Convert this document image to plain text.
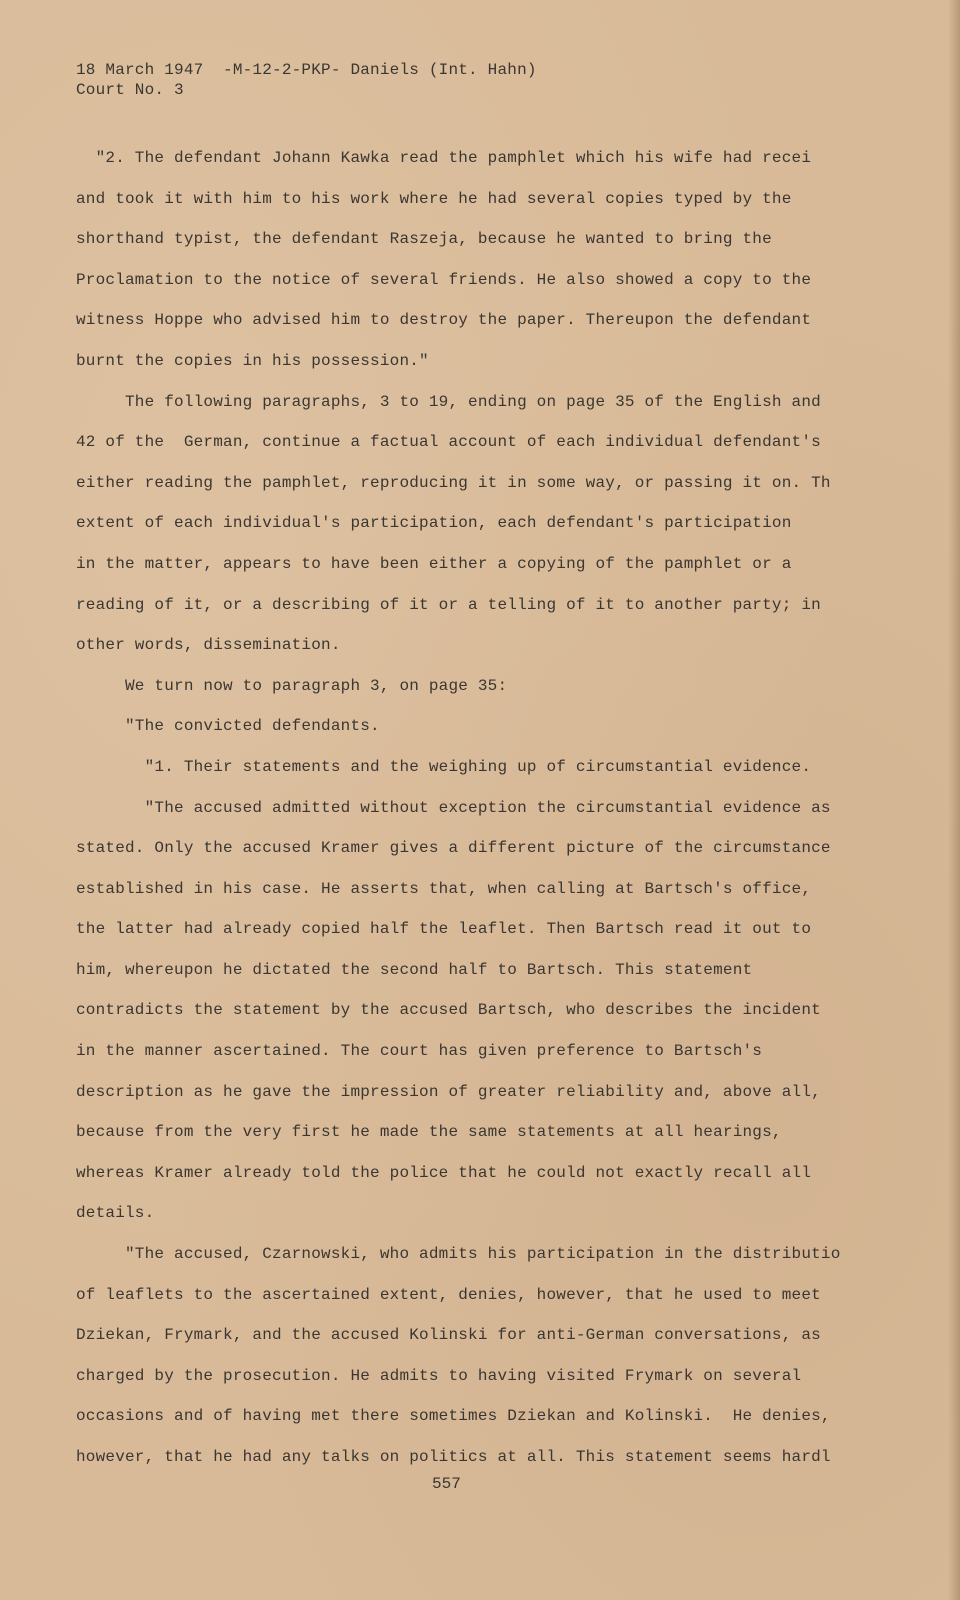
18 March 1947  -M-12-2-PKP- Daniels (Int. Hahn)
Court No. 3
"2. The defendant Johann Kawka read the pamphlet which his wife had recei
and took it with him to his work where he had several copies typed by the
shorthand typist, the defendant Raszeja, because he wanted to bring the
Proclamation to the notice of several friends. He also showed a copy to the
witness Hoppe who advised him to destroy the paper. Thereupon the defendant
burnt the copies in his possession."
The following paragraphs, 3 to 19, ending on page 35 of the English and
42 of the  German, continue a factual account of each individual defendant's
either reading the pamphlet, reproducing it in some way, or passing it on. Th
extent of each individual's participation, each defendant's participation
in the matter, appears to have been either a copying of the pamphlet or a
reading of it, or a describing of it or a telling of it to another party; in
other words, dissemination.
We turn now to paragraph 3, on page 35:
"The convicted defendants.
"1. Their statements and the weighing up of circumstantial evidence.
"The accused admitted without exception the circumstantial evidence as
stated. Only the accused Kramer gives a different picture of the circumstance
established in his case. He asserts that, when calling at Bartsch's office,
the latter had already copied half the leaflet. Then Bartsch read it out to
him, whereupon he dictated the second half to Bartsch. This statement
contradicts the statement by the accused Bartsch, who describes the incident
in the manner ascertained. The court has given preference to Bartsch's
description as he gave the impression of greater reliability and, above all,
because from the very first he made the same statements at all hearings,
whereas Kramer already told the police that he could not exactly recall all
details.
"The accused, Czarnowski, who admits his participation in the distributio
of leaflets to the ascertained extent, denies, however, that he used to meet
Dziekan, Frymark, and the accused Kolinski for anti-German conversations, as
charged by the prosecution. He admits to having visited Frymark on several
occasions and of having met there sometimes Dziekan and Kolinski.  He denies,
however, that he had any talks on politics at all. This statement seems hardl
557
